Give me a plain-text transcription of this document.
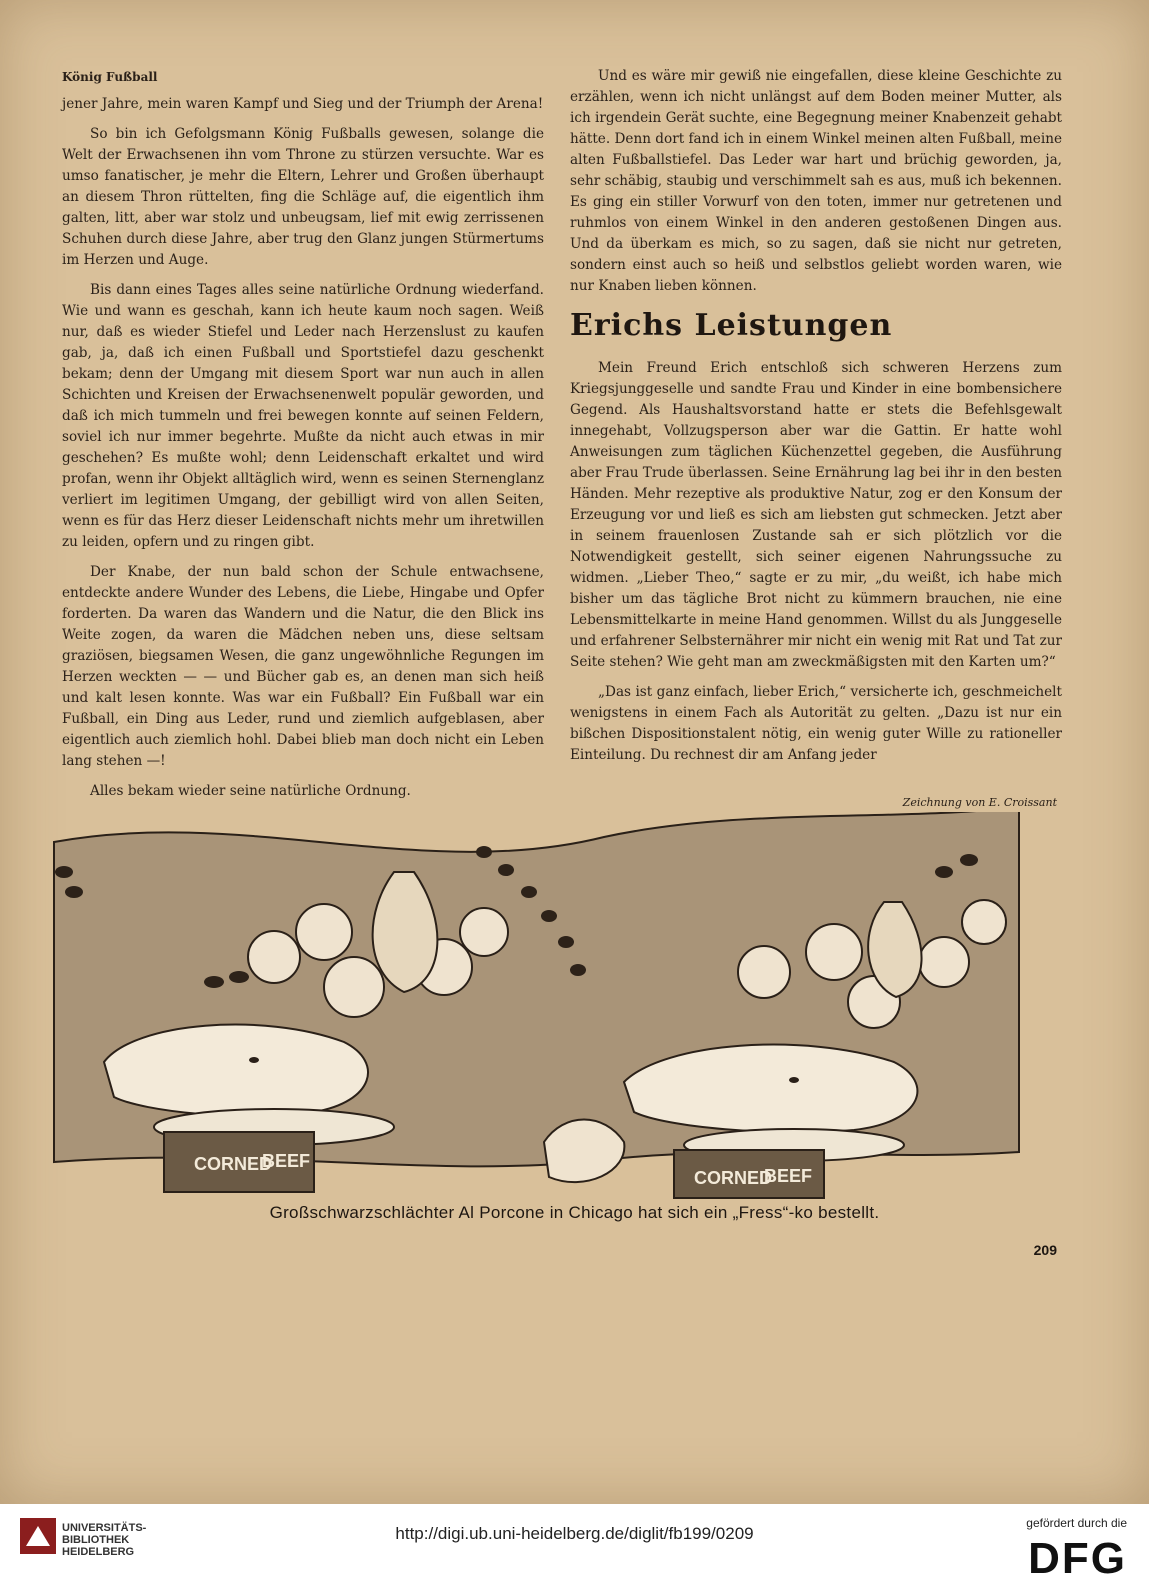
König Fußball

jener Jahre, mein waren Kampf und Sieg und der Triumph der Arena!

So bin ich Gefolgsmann König Fußballs gewesen, solange die Welt der Erwachsenen ihn vom Throne zu stürzen versuchte. War es umso fanatischer, je mehr die Eltern, Lehrer und Großen überhaupt an diesem Thron rüttelten, fing die Schläge auf, die eigentlich ihm galten, litt, aber war stolz und unbeugsam, lief mit ewig zerrissenen Schuhen durch diese Jahre, aber trug den Glanz jungen Stürmertums im Herzen und Auge.

Bis dann eines Tages alles seine natürliche Ordnung wiederfand. Wie und wann es geschah, kann ich heute kaum noch sagen. Weiß nur, daß es wieder Stiefel und Leder nach Herzenslust zu kaufen gab, ja, daß ich einen Fußball und Sportstiefel dazu geschenkt bekam; denn der Umgang mit diesem Sport war nun auch in allen Schichten und Kreisen der Erwachsenenwelt populär geworden, und daß ich mich tummeln und frei bewegen konnte auf seinen Feldern, soviel ich nur immer begehrte. Mußte da nicht auch etwas in mir geschehen? Es mußte wohl; denn Leidenschaft erkaltet und wird profan, wenn ihr Objekt alltäglich wird, wenn es seinen Sternenglanz verliert im legitimen Umgang, der gebilligt wird von allen Seiten, wenn es für das Herz dieser Leidenschaft nichts mehr um ihretwillen zu leiden, opfern und zu ringen gibt.

Der Knabe, der nun bald schon der Schule entwachsene, entdeckte andere Wunder des Lebens, die Liebe, Hingabe und Opfer forderten. Da waren das Wandern und die Natur, die den Blick ins Weite zogen, da waren die Mädchen neben uns, diese seltsam graziösen, biegsamen Wesen, die ganz ungewöhnliche Regungen im Herzen weckten — — und Bücher gab es, an denen man sich heiß und kalt lesen konnte. Was war ein Fußball? Ein Fußball war ein Fußball, ein Ding aus Leder, rund und ziemlich aufgeblasen, aber eigentlich auch ziemlich hohl. Dabei blieb man doch nicht ein Leben lang stehen —!

Alles bekam wieder seine natürliche Ordnung.

Und es wäre mir gewiß nie eingefallen, diese kleine Geschichte zu erzählen, wenn ich nicht unlängst auf dem Boden meiner Mutter, als ich irgendein Gerät suchte, eine Begegnung meiner Knabenzeit gehabt hätte. Denn dort fand ich in einem Winkel meinen alten Fußball, meine alten Fußballstiefel. Das Leder war hart und brüchig geworden, ja, sehr schäbig, staubig und verschimmelt sah es aus, muß ich bekennen. Es ging ein stiller Vorwurf von den toten, immer nur getretenen und ruhmlos von einem Winkel in den anderen gestoßenen Dingen aus. Und da überkam es mich, so zu sagen, daß sie nicht nur getreten, sondern einst auch so heiß und selbstlos geliebt worden waren, wie nur Knaben lieben können.

Erichs Leistungen

Mein Freund Erich entschloß sich schweren Herzens zum Kriegsjunggeselle und sandte Frau und Kinder in eine bombensichere Gegend. Als Haushaltsvorstand hatte er stets die Befehlsgewalt innegehabt, Vollzugsperson aber war die Gattin. Er hatte wohl Anweisungen zum täglichen Küchenzettel gegeben, die Ausführung aber Frau Trude überlassen. Seine Ernährung lag bei ihr in den besten Händen. Mehr rezeptive als produktive Natur, zog er den Konsum der Erzeugung vor und ließ es sich am liebsten gut schmecken. Jetzt aber in seinem frauenlosen Zustande sah er sich plötzlich vor die Notwendigkeit gestellt, sich seiner eigenen Nahrungssuche zu widmen. „Lieber Theo,“ sagte er zu mir, „du weißt, ich habe mich bisher um das tägliche Brot nicht zu kümmern brauchen, nie eine Lebensmittelkarte in meine Hand genommen. Willst du als Junggeselle und erfahrener Selbsternährer mir nicht ein wenig mit Rat und Tat zur Seite stehen? Wie geht man am zweckmäßigsten mit den Karten um?“

„Das ist ganz einfach, lieber Erich,“ versicherte ich, geschmeichelt wenigstens in einem Fach als Autorität zu gelten. „Dazu ist nur ein bißchen Dispositionstalent nötig, ein wenig guter Wille zu rationeller Einteilung. Du rechnest dir am Anfang jeder

Zeichnung von E. Croissant
CORNED
BEEF
CORNED
BEEF
Großschwarzschlächter Al Porcone in Chicago hat sich ein „Fress“-ko bestellt.
209
UNIVERSITÄTS-
BIBLIOTHEK
HEIDELBERG
http://digi.ub.uni-heidelberg.de/diglit/fb199/0209
gefördert durch die
DFG
